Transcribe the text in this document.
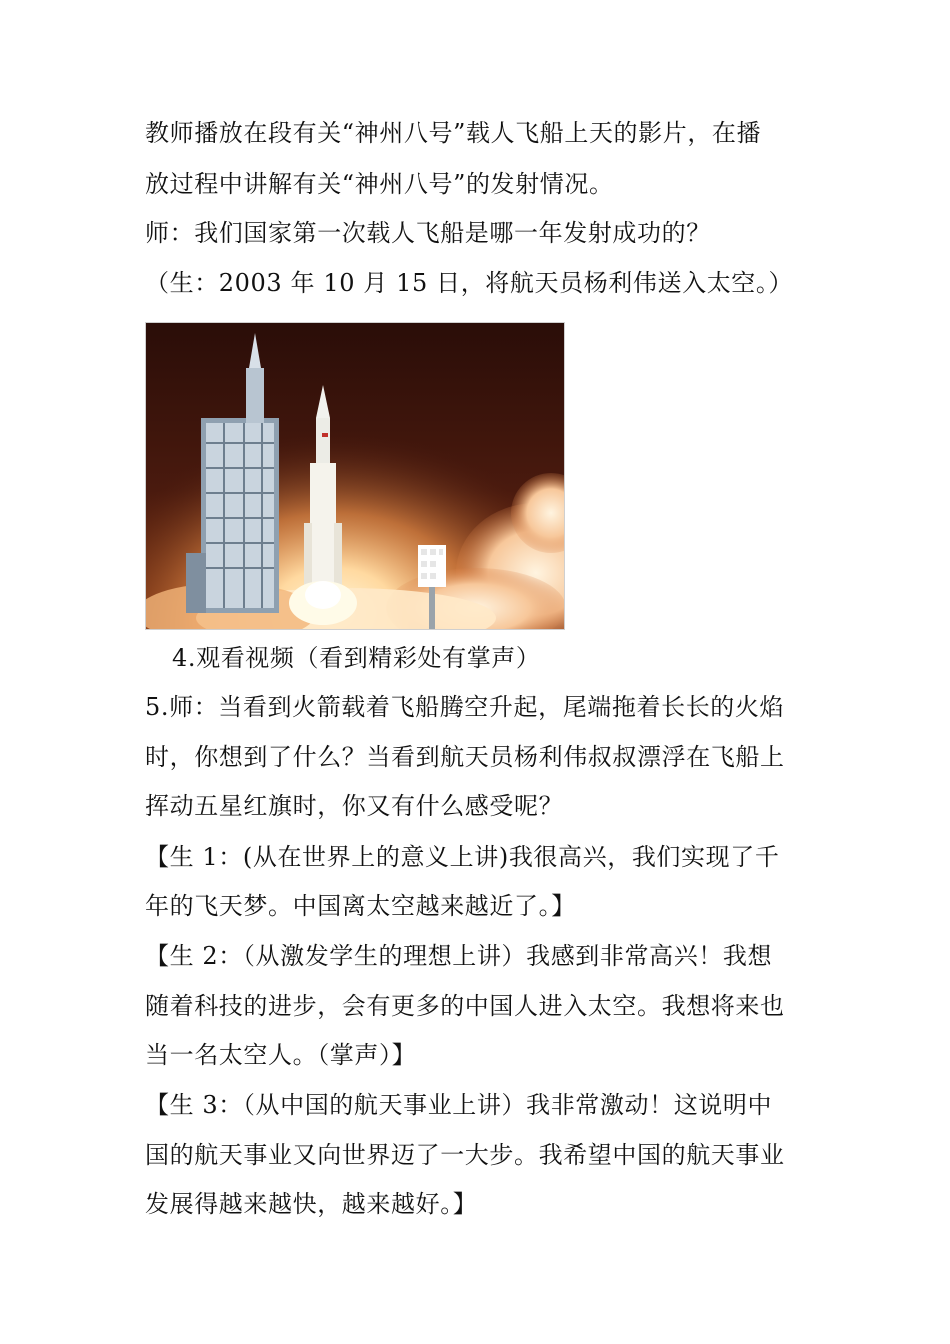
教师播放在段有关“神州八号”载人飞船上天的影片，在播
放过程中讲解有关“神州八号”的发射情况。
师：我们国家第一次载人飞船是哪一年发射成功的？
（生：2003 年 10 月 15 日，将航天员杨利伟送入太空。）
4.观看视频（看到精彩处有掌声）
5.师：当看到火箭载着飞船腾空升起，尾端拖着长长的火焰
时，你想到了什么？当看到航天员杨利伟叔叔漂浮在飞船上
挥动五星红旗时，你又有什么感受呢？
【生 1：(从在世界上的意义上讲)我很高兴，我们实现了千
年的飞天梦。中国离太空越来越近了。】
【生 2：（从激发学生的理想上讲）我感到非常高兴！我想
随着科技的进步，会有更多的中国人进入太空。我想将来也
当一名太空人。（掌声）】
【生 3：（从中国的航天事业上讲）我非常激动！这说明中
国的航天事业又向世界迈了一大步。我希望中国的航天事业
发展得越来越快，越来越好。】
